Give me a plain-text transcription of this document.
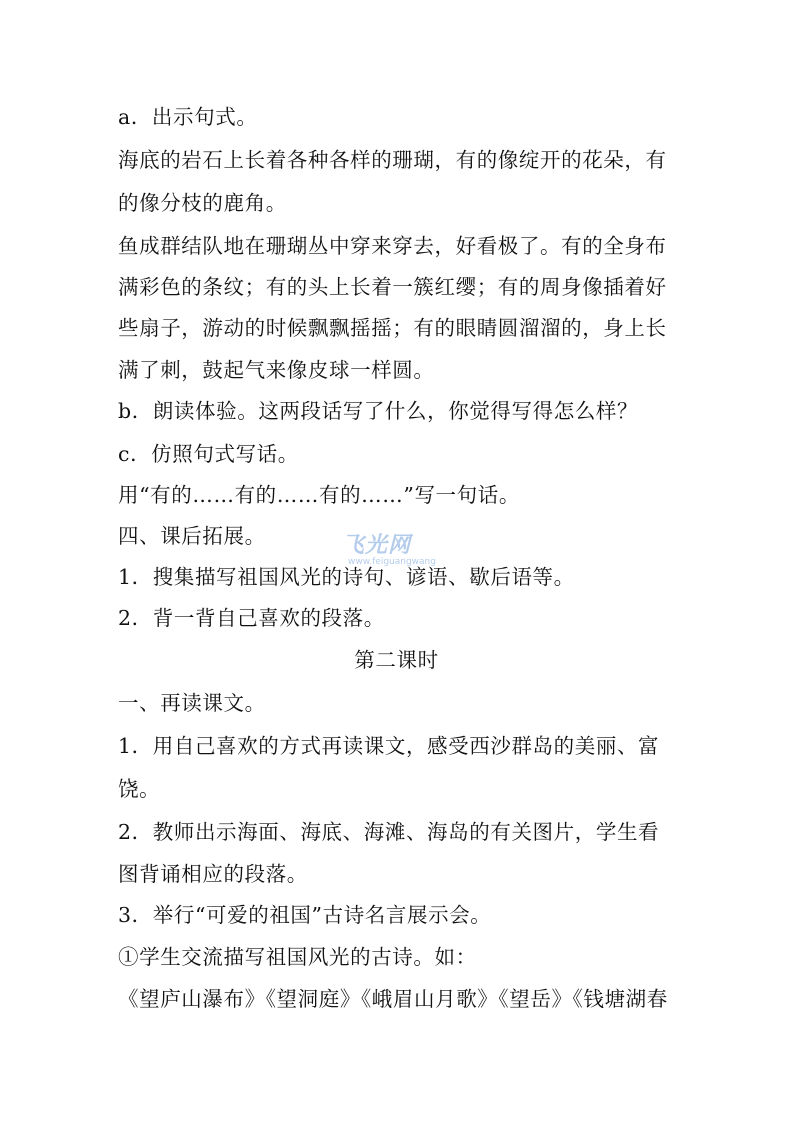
a．出示句式。
海底的岩石上长着各种各样的珊瑚，有的像绽开的花朵，有
的像分枝的鹿角。
鱼成群结队地在珊瑚丛中穿来穿去，好看极了。有的全身布
满彩色的条纹；有的头上长着一簇红缨；有的周身像插着好
些扇子，游动的时候飘飘摇摇；有的眼睛圆溜溜的，身上长
满了刺，鼓起气来像皮球一样圆。
b．朗读体验。这两段话写了什么，你觉得写得怎么样？
c．仿照句式写话。
用“有的……有的……有的……”写一句话。
四、课后拓展。
1．搜集描写祖国风光的诗句、谚语、歇后语等。
2．背一背自己喜欢的段落。
第二课时
一、再读课文。
1．用自己喜欢的方式再读课文，感受西沙群岛的美丽、富
饶。
2．教师出示海面、海底、海滩、海岛的有关图片，学生看
图背诵相应的段落。
3．举行“可爱的祖国”古诗名言展示会。
①学生交流描写祖国风光的古诗。如：
《望庐山瀑布》《望洞庭》《峨眉山月歌》《望岳》《钱塘湖春
飞光网
www.feiguangwang
